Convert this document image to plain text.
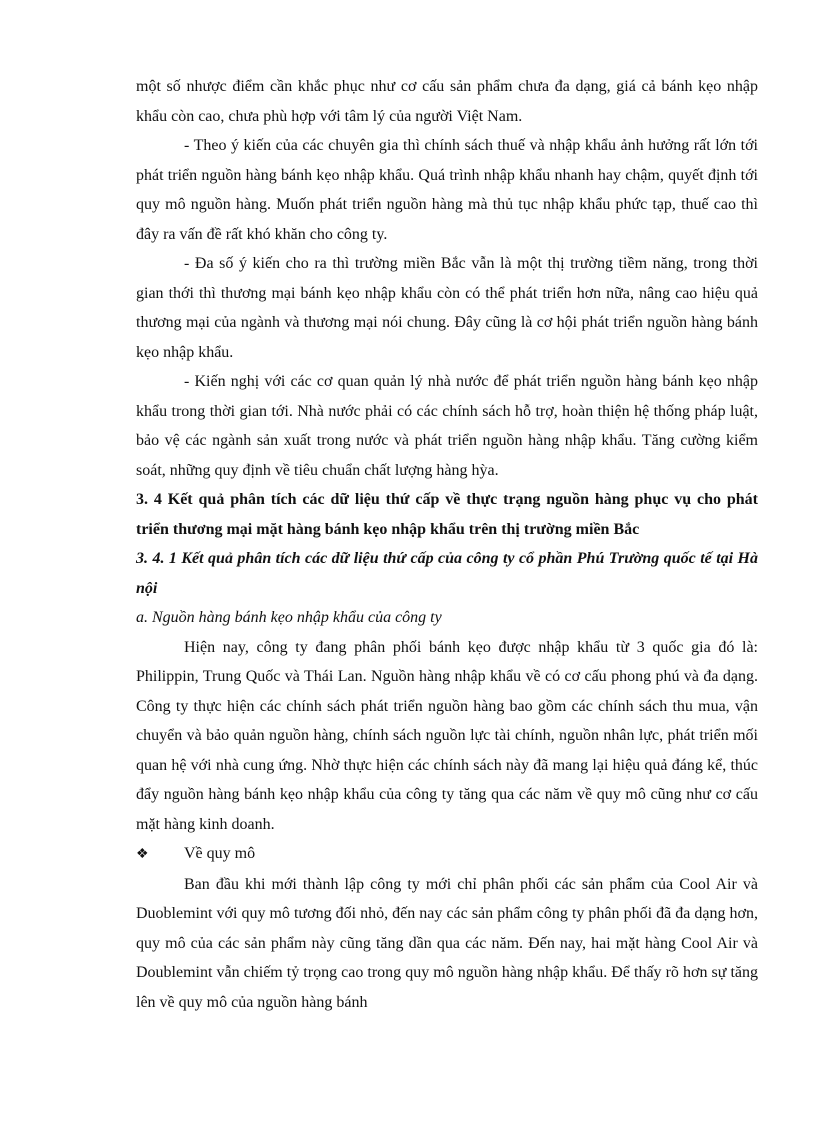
một số nhược điểm cần khắc phục như cơ cấu sản phẩm chưa đa dạng, giá cả bánh kẹo nhập khẩu còn cao, chưa phù hợp với tâm lý của người Việt Nam.

- Theo ý kiến của các chuyên gia thì chính sách thuế và nhập khẩu ảnh hưởng rất lớn tới phát triển nguồn hàng bánh kẹo nhập khẩu. Quá trình nhập khẩu nhanh hay chậm, quyết định tới quy mô nguồn hàng. Muốn phát triển nguồn hàng mà thủ tục nhập khẩu phức tạp, thuế cao thì đây ra vấn đề rất khó khăn cho công ty.

- Đa số ý kiến cho ra thì trường miền Bắc vẫn là một thị trường tiềm năng, trong thời gian thới thì thương mại bánh kẹo nhập khẩu còn có thể phát triển hơn nữa, nâng cao hiệu quả thương mại của ngành và thương mại nói chung. Đây cũng là cơ hội phát triển nguồn hàng bánh kẹo nhập khẩu.

- Kiến nghị với các cơ quan quản lý nhà nước để phát triển nguồn hàng bánh kẹo nhập khẩu trong thời gian tới. Nhà nước phải có các chính sách hỗ trợ, hoàn thiện hệ thống pháp luật, bảo vệ các ngành sản xuất trong nước và phát triển nguồn hàng nhập khẩu. Tăng cường kiểm soát, những quy định về tiêu chuẩn chất lượng hàng hỳa.

3. 4 Kết quả phân tích các dữ liệu thứ cấp về thực trạng nguồn hàng phục vụ cho phát triển thương mại mặt hàng bánh kẹo nhập khẩu trên thị trường miền Bắc

3. 4. 1 Kết quả phân tích các dữ liệu thứ cấp của công ty cổ phần Phú Trường quốc tế tại Hà nội

a. Nguồn hàng bánh kẹo nhập khẩu của công ty

Hiện nay, công ty đang phân phối bánh kẹo được nhập khẩu từ 3 quốc gia đó là: Philippin, Trung Quốc và Thái Lan. Nguồn hàng nhập khẩu về có cơ cấu phong phú và đa dạng. Công ty thực hiện các chính sách phát triển nguồn hàng bao gồm các chính sách thu mua, vận chuyển và bảo quản nguồn hàng, chính sách nguồn lực tài chính, nguồn nhân lực, phát triển mối quan hệ với nhà cung ứng. Nhờ thực hiện các chính sách này đã mang lại hiệu quả đáng kể, thúc đẩy nguồn hàng bánh kẹo nhập khẩu của công ty tăng qua các năm về quy mô cũng như cơ cấu mặt hàng kinh doanh.

❖	Về quy mô

Ban đầu khi mới thành lập công ty mới chỉ phân phối các sản phẩm của Cool Air và Duoblemint với quy mô tương đối nhỏ, đến nay các sản phẩm công ty phân phối đã đa dạng hơn, quy mô của các sản phẩm này cũng tăng dần qua các năm. Đến nay, hai mặt hàng Cool Air và Doublemint vẫn chiếm tỷ trọng cao trong quy mô nguồn hàng nhập khẩu. Để thấy rõ hơn sự tăng lên về quy mô của nguồn hàng bánh
